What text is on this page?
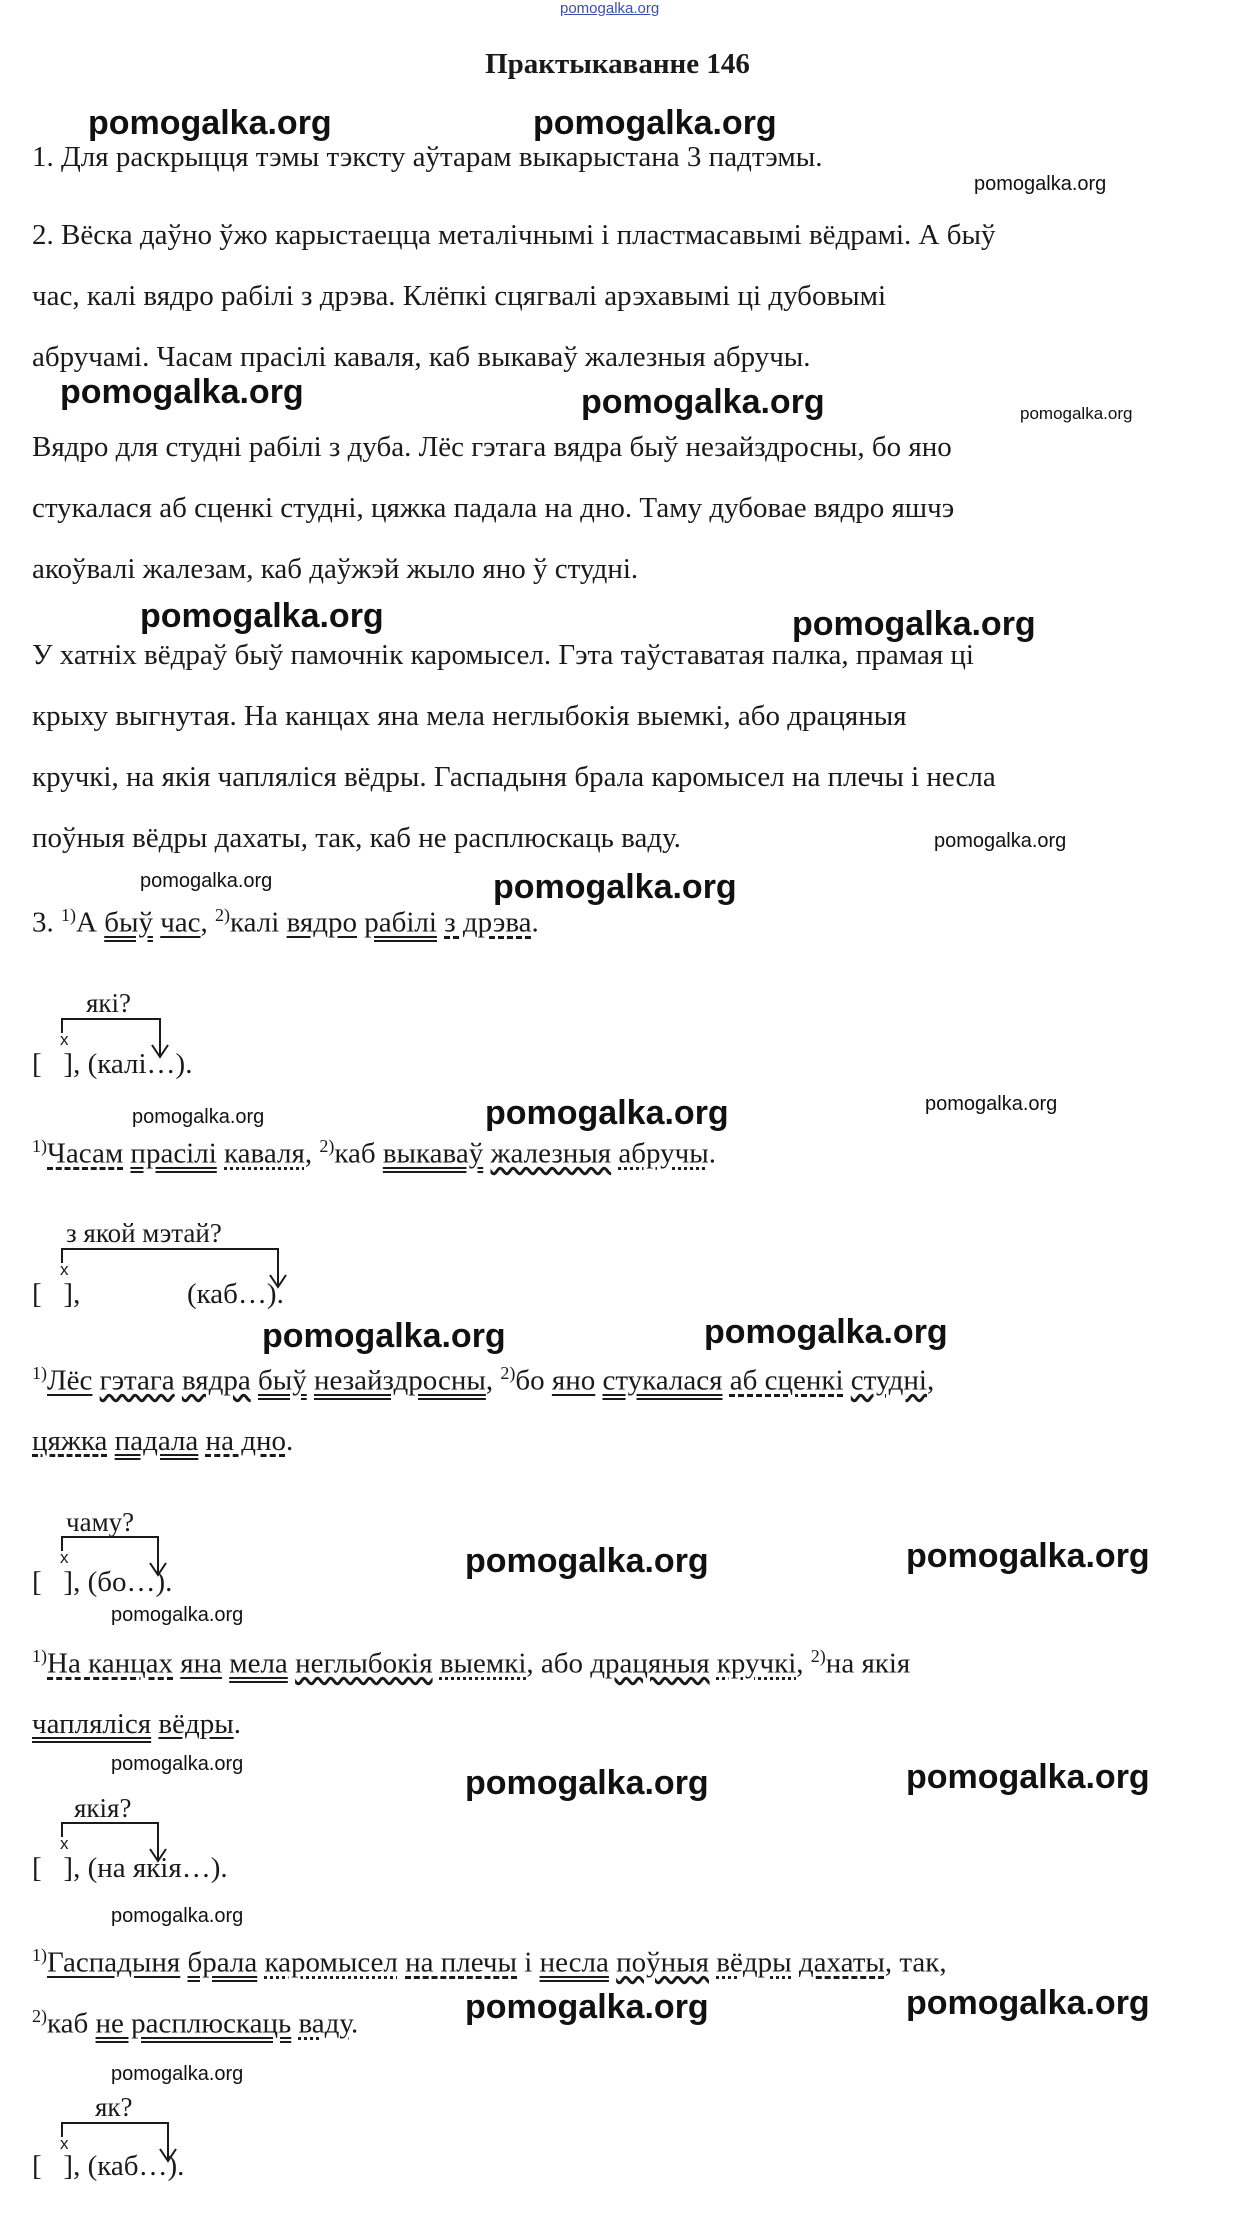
pomogalka.org
Практыкаванне 146
pomogalka.org	pomogalka.org
pomogalka.org
pomogalka.org	pomogalka.org	pomogalka.org
pomogalka.org	pomogalka.org
pomogalka.org
pomogalka.org	pomogalka.org
pomogalka.org	pomogalka.org	pomogalka.org
pomogalka.org	pomogalka.org
pomogalka.org	pomogalka.org
pomogalka.org
pomogalka.org	pomogalka.org	pomogalka.org
pomogalka.org
pomogalka.org	pomogalka.org
pomogalka.org
1. Для раскрыцця тэмы тэксту аўтарам выкарыстана 3 падтэмы.
2. Вёска даўно ўжо карыстаецца металічнымі і пластмасавымі вёдрамі. А быў
час, калі вядро рабілі з дрэва. Клёпкі сцягвалі арэхавымі ці дубовымі
абручамі. Часам прасілі каваля, каб выкаваў жалезныя абручы.
Вядро для студні рабілі з дуба. Лёс гэтага вядра быў незайздросны, бо яно
стукалася аб сценкі студні, цяжка падала на дно. Таму дубовае вядро яшчэ
акоўвалі жалезам, каб даўжэй жыло яно ў студні.
У хатніх вёдраў быў памочнік каромысел. Гэта таўставатая палка, прамая ці
крыху выгнутая. На канцах яна мела неглыбокія выемкі, або драцяныя
кручкі, на якія чапляліся вёдры. Гаспадыня брала каромысел на плечы і несла
поўныя вёдры дахаты, так, каб не расплюскаць ваду.
3. $^{1)}$А быў час, $^{2)}$калі вядро рабілі з дрэва.
які?
x
[   ], (калі…).
$^{1)}$Часам прасілі каваля, $^{2)}$каб выкаваў жалезныя абручы.
з якой мэтай?
x
[   ],	(каб…).
$^{1)}$Лёс гэтага вядра быў незайздросны, $^{2)}$бо яно стукалася аб сценкі студні,
цяжка падала на дно.
чаму?
x
[   ], (бо…).
$^{1)}$На канцах яна мела неглыбокія выемкі, або драцяныя кручкі, $^{2)}$на якія
чапляліся вёдры.
якія?
x
[   ], (на якія…).
$^{1)}$Гаспадыня брала каромысел на плечы і несла поўныя вёдры дахаты, так,
$^{2)}$каб не расплюскаць ваду.
як?
x
[   ], (каб…).
